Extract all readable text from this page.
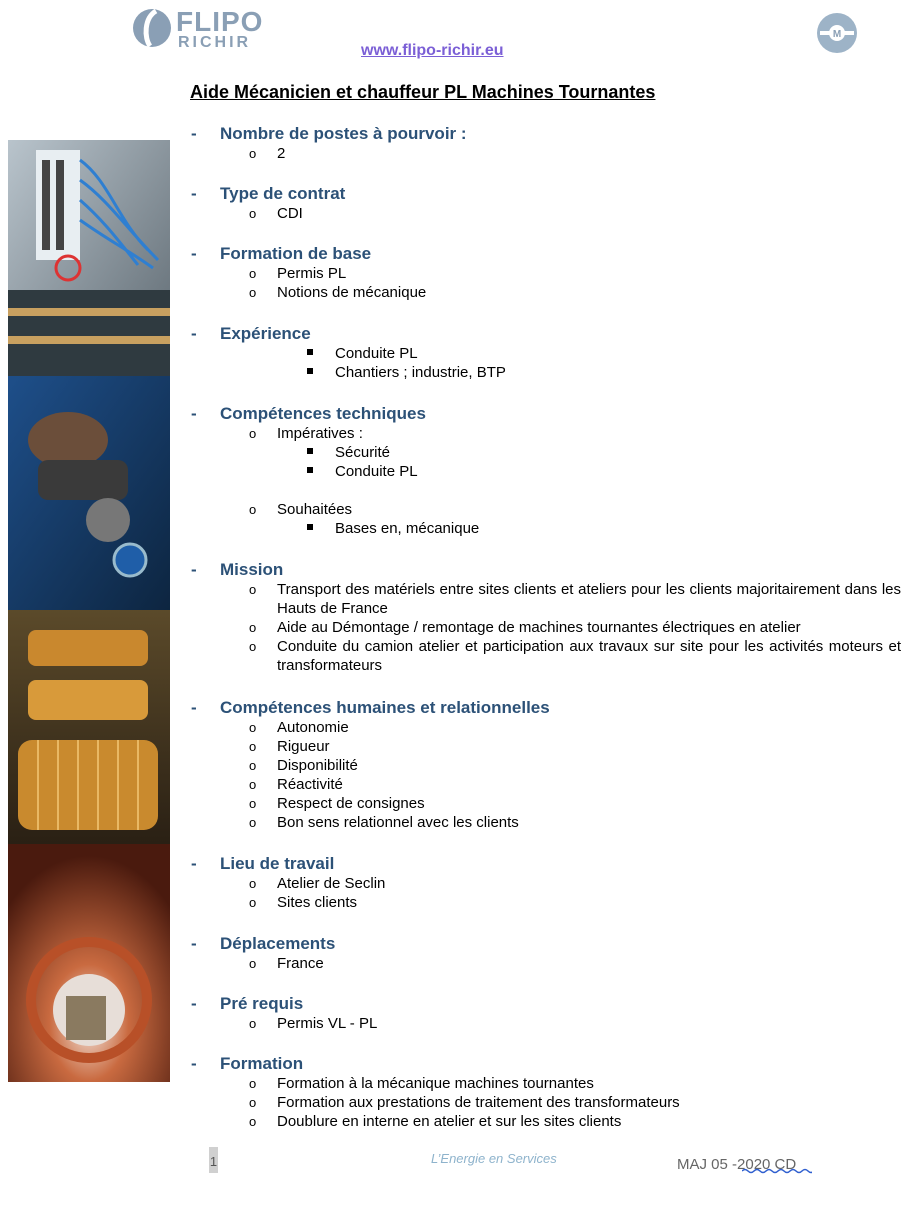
FLIPO
RICHIR	www.flipo-richir.eu
M
Aide Mécanicien et chauffeur PL Machines Tournantes
- Nombre de postes à pourvoir :
o 2
- Type de contrat
o CDI
- Formation de base
o Permis PL
o Notions de mécanique
- Expérience
Conduite PL
Chantiers ; industrie, BTP
- Compétences techniques
o Impératives :
Sécurité
Conduite PL
o Souhaitées
Bases en, mécanique
- Mission
o Transport des matériels entre sites clients et ateliers pour les clients majoritairement dans les Hauts de France
o Aide au Démontage / remontage de machines tournantes électriques en atelier
o Conduite du camion atelier et participation aux travaux sur site pour les activités moteurs et transformateurs
- Compétences humaines et relationnelles
o Autonomie
o Rigueur
o Disponibilité
o Réactivité
o Respect de consignes
o Bon sens relationnel avec les clients
- Lieu de travail
o Atelier de Seclin
o Sites clients
- Déplacements
o France
- Pré requis
o Permis VL - PL
- Formation
o Formation à la mécanique machines tournantes
o Formation aux prestations de traitement des transformateurs
o Doublure en interne en atelier et sur les sites clients
1	L’Energie en Services	MAJ 05 -2020 CD
